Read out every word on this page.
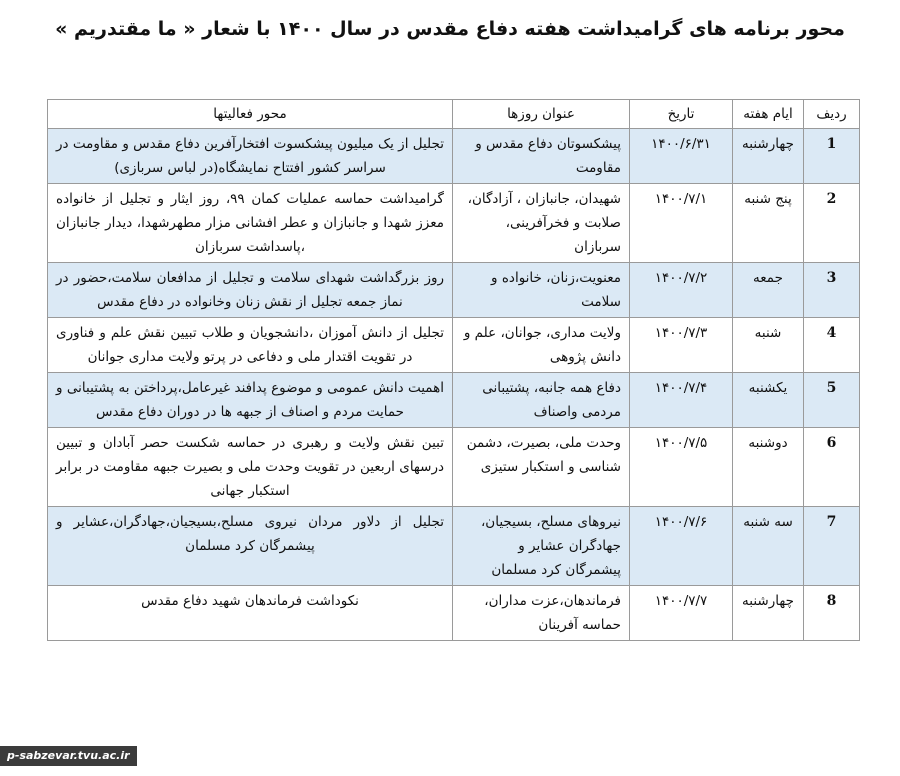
محور برنامه های گرامیداشت هفته دفاع مقدس در سال ۱۴۰۰ با شعار « ما مقتدریم »
ردیف	ایام هفته	تاریخ	عنوان روزها	محور فعالیتها
1	چهارشنبه	۱۴۰۰/۶/۳۱	پیشکسوتان دفاع مقدس و مقاومت	تجلیل از یک میلیون پیشکسوت افتخارآفرین دفاع مقدس و مقاومت در سراسر کشور افتتاح نمایشگاه(در لباس سربازی)
2	پنج شنبه	۱۴۰۰/۷/۱	شهیدان، جانبازان ، آزادگان، صلابت و فخرآفرینی، سربازان	گرامیداشت حماسه عملیات کمان ۹۹، روز ایثار و تجلیل از خانواده معزز شهدا و جانبازان و عطر افشانی مزار مطهرشهدا، دیدار جانبازان ،پاسداشت سربازان
3	جمعه	۱۴۰۰/۷/۲	معنویت،زنان، خانواده و سلامت	روز بزرگداشت شهدای سلامت و تجلیل از مدافعان سلامت،حضور در نماز جمعه تجلیل از نقش زنان وخانواده در دفاع مقدس
4	شنبه	۱۴۰۰/۷/۳	ولایت مداری، جوانان، علم و دانش پژوهی	تجلیل از دانش آموزان ،دانشجویان و طلاب تبیین نقش علم و فناوری در تقویت اقتدار ملی و دفاعی در پرتو ولایت مداری جوانان
5	یکشنبه	۱۴۰۰/۷/۴	دفاع همه جانبه، پشتیبانی مردمی واصناف	اهمیت دانش عمومی و موضوع پدافند غیرعامل،پرداختن به پشتیبانی و حمایت مردم و اصناف از جبهه ها در دوران دفاع مقدس
6	دوشنبه	۱۴۰۰/۷/۵	وحدت ملی، بصیرت، دشمن شناسی و استکبار ستیزی	تبین نقش ولایت و رهبری در حماسه شکست حصر آبادان و تبیین درسهای اربعین در تقویت وحدت ملی و بصیرت جبهه مقاومت در برابر استکبار جهانی
7	سه شنبه	۱۴۰۰/۷/۶	نیروهای مسلح، بسیجیان، جهادگران عشایر و پیشمرگان کرد مسلمان	تجلیل از دلاور مردان نیروی مسلح،بسیجیان،جهادگران،عشایر و پیشمرگان کرد مسلمان
8	چهارشنبه	۱۴۰۰/۷/۷	فرماندهان،عزت مداران، حماسه آفرینان	نکوداشت فرماندهان شهید دفاع مقدس
p-sabzevar.tvu.ac.ir
